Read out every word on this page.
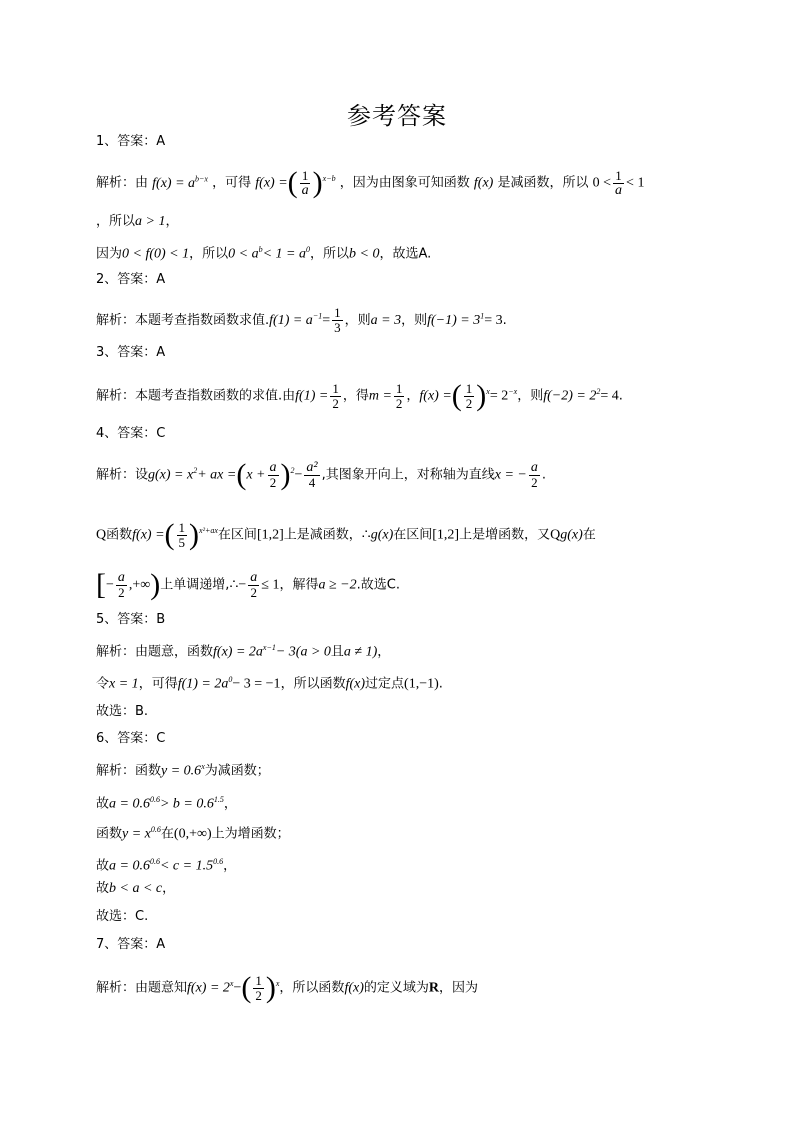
参考答案
1、答案：A
解析：由 $f(x) = a^{b-x}$ ，可得 f(x) =( $\frac{1}{a} )^{x-b}$ ，因为由图象可知函数 f(x) 是减函数，所以 $0 < \frac{1}{a} < 1$
，所以a > 1，
因为0 < f(0) < 1，所以$0 < a^b< 1 = a^0$，所以b < 0，故选A.
2、答案：A
解析：本题考查指数函数求值$.f(1) = a^{-1}= \frac{1}{3}$ ，则a = 3，则$f(-1) = 3^1= 3$.
3、答案：A
解析：本题考查指数函数的求值.由$f(1) = \frac{1}{2}$ ，得$m = \frac{1}{2}$ ，f(x) =( $\frac{1}{2} )^x= 2^{-x}$，则$f(-2) = 2^2= 4$.
4、答案：C
解析：设$g(x) = x^2+$ ax $=(x + \frac{a}{2} )^2- \frac{\text{a²}}{4}$ ,其图象开向上，对称轴为直线x = − $\frac{a}{2}$ .
Q函数f(x) =( $\frac{1}{5} )^{x^2+ax}$在区间[1,2]上是减函数，∴g(x)在区间[1,2]上是增函数，又Qg(x)在
[− $\frac{a}{2}$ ,+∞)上单调递增,∴− $\frac{a}{2} \le 1$，解得a ≥ −2.故选C.
5、答案：B
解析：由题意，函数$f(x) = 2a^{x-1}- 3(a > 0$且a ≠ 1)，
令x = 1，可得$f(1) = 2a^0- 3 = -1$，所以函数f(x)过定点(1,−1).
故选：B.
6、答案：C
解析：函数$y = 0.6^x$为减函数；
故$a = 0.6^{0.6}> b = 0.6^{1.5}$，
函数$y = x^{0.6}$在(0,+∞)上为增函数；
故$a = 0.6^{0.6}< c = 1.5^{0.6}$，
故b < a < c，
故选：C.
7、答案：A
解析：由题意知$f(x) = 2^x-( \frac{1}{2} )^x$，所以函数f(x)的定义域为R，因为
